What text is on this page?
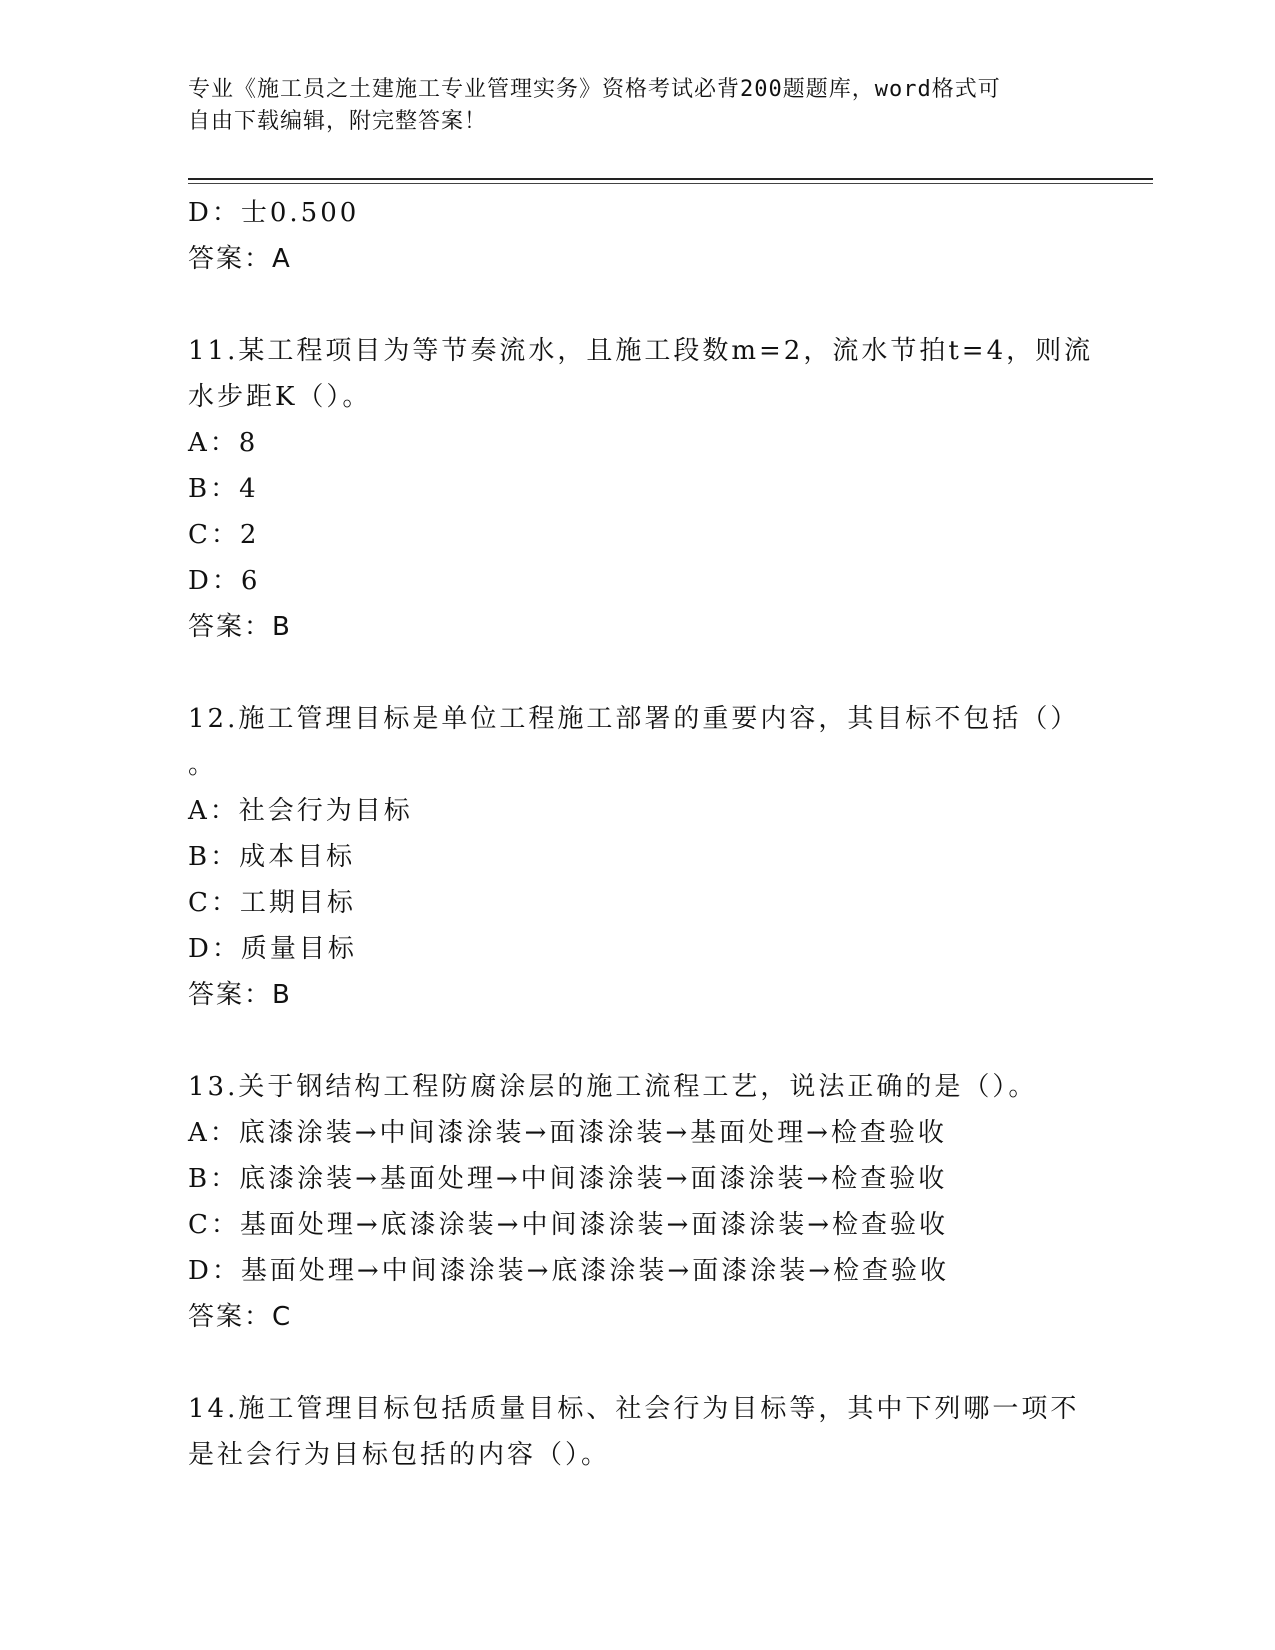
专业《施工员之土建施工专业管理实务》资格考试必背200题题库，word格式可
自由下载编辑，附完整答案！
D：士0.500
答案：A
11.某工程项目为等节奏流水，且施工段数m=2，流水节拍t=4，则流
水步距K（）。
A：8
B：4
C：2
D：6
答案：B
12.施工管理目标是单位工程施工部署的重要内容，其目标不包括（）
。
A：社会行为目标
B：成本目标
C：工期目标
D：质量目标
答案：B
13.关于钢结构工程防腐涂层的施工流程工艺，说法正确的是（）。
A：底漆涂装→中间漆涂装→面漆涂装→基面处理→检查验收
B：底漆涂装→基面处理→中间漆涂装→面漆涂装→检查验收
C：基面处理→底漆涂装→中间漆涂装→面漆涂装→检查验收
D：基面处理→中间漆涂装→底漆涂装→面漆涂装→检查验收
答案：C
14.施工管理目标包括质量目标、社会行为目标等，其中下列哪一项不
是社会行为目标包括的内容（）。
